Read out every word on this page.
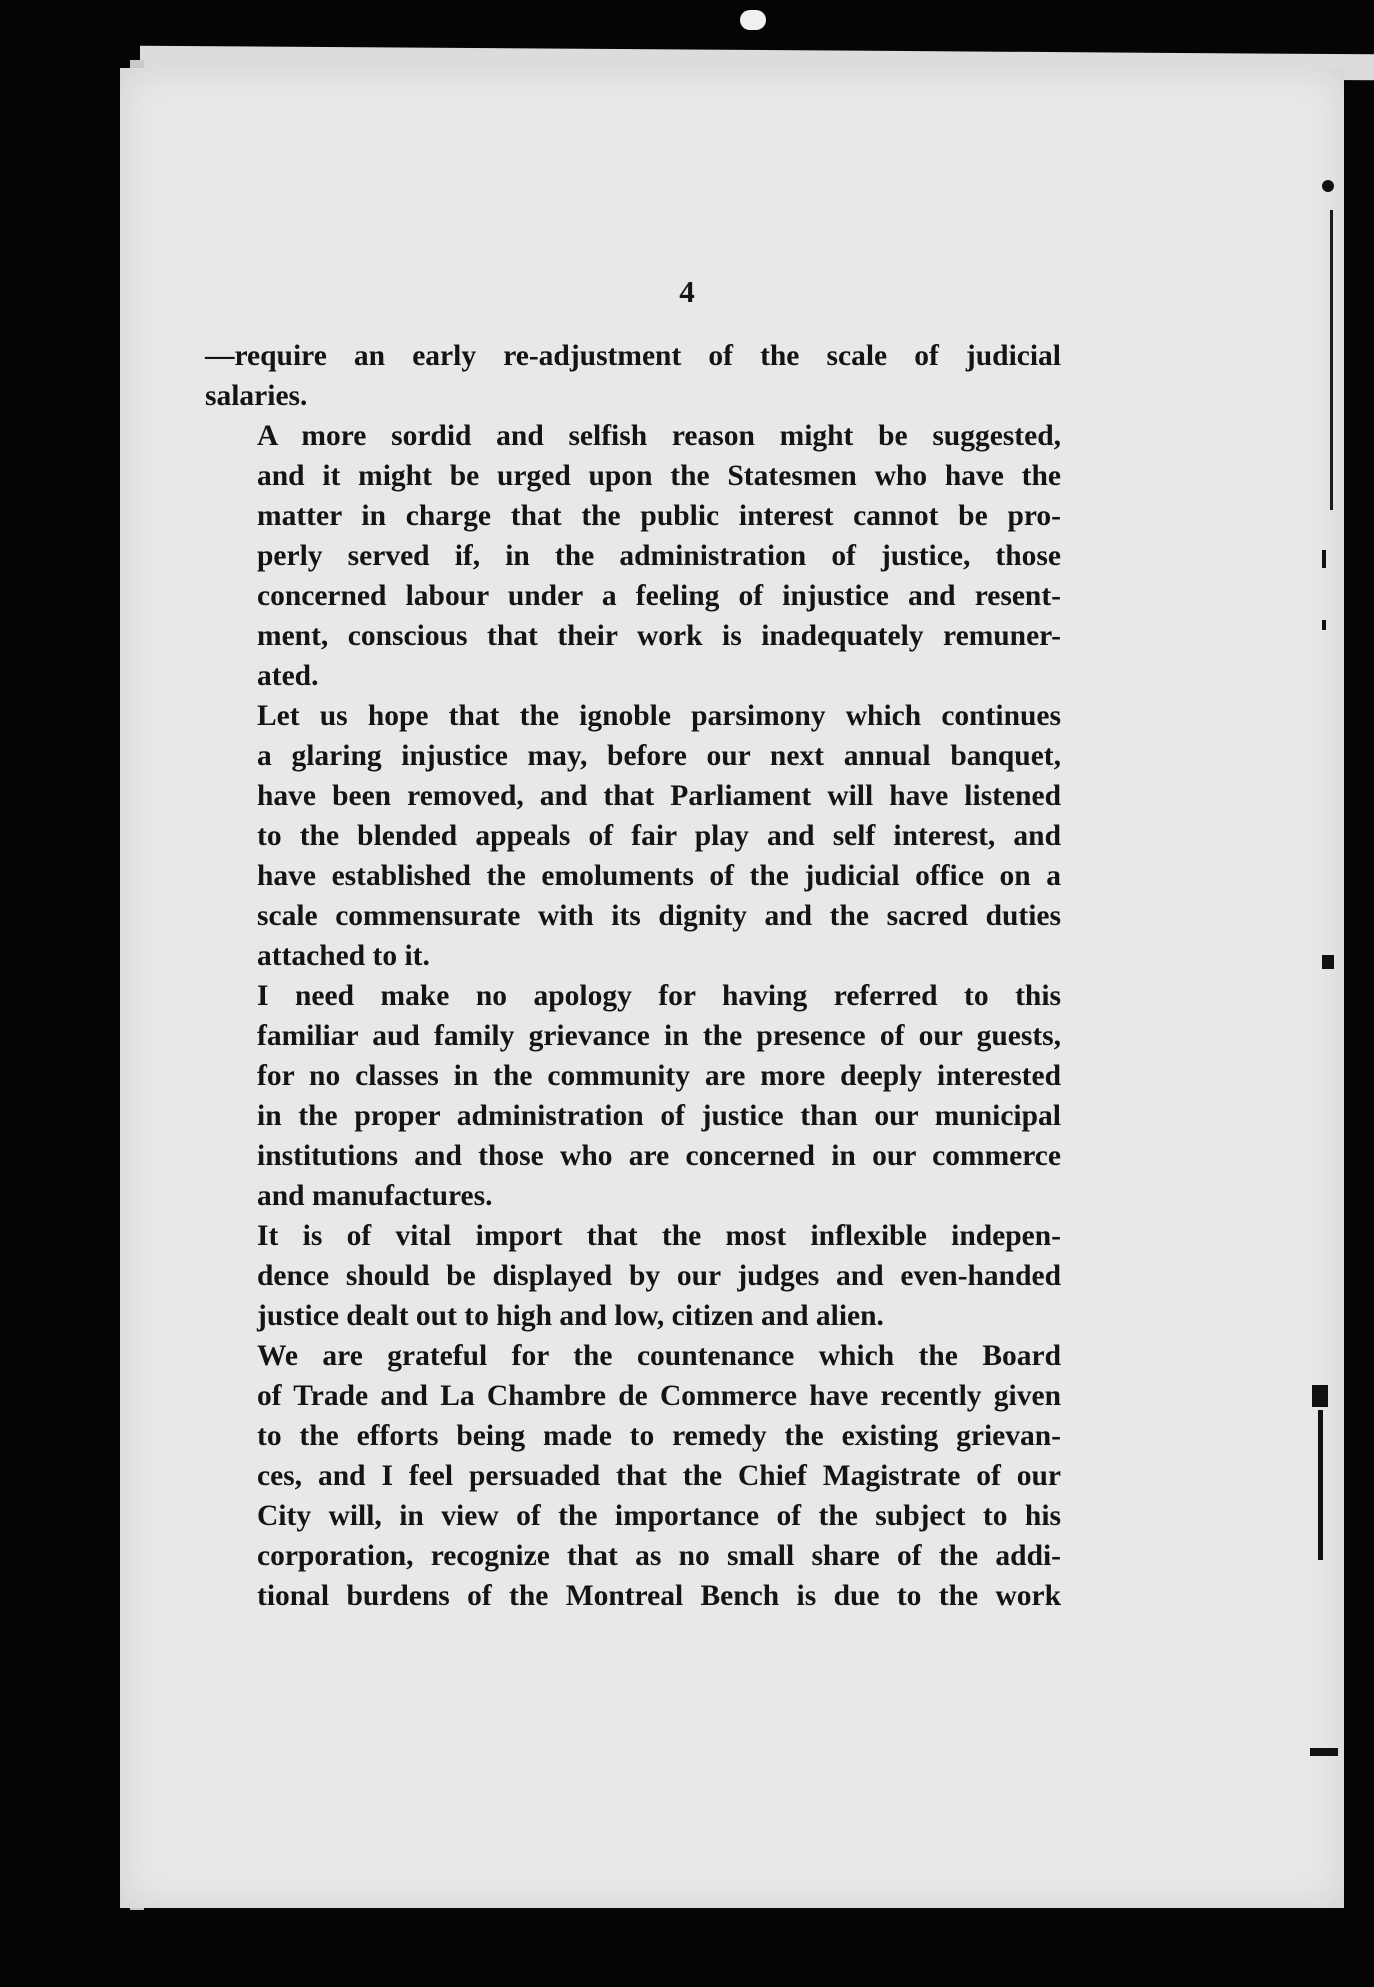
4

—require an early re-adjustment of the scale of judicial
salaries.

A more sordid and selfish reason might be suggested,
and it might be urged upon the Statesmen who have the
matter in charge that the public interest cannot be pro-
perly served if, in the administration of justice, those
concerned labour under a feeling of injustice and resent-
ment, conscious that their work is inadequately remuner-
ated.

Let us hope that the ignoble parsimony which continues
a glaring injustice may, before our next annual banquet,
have been removed, and that Parliament will have listened
to the blended appeals of fair play and self interest, and
have established the emoluments of the judicial office on a
scale commensurate with its dignity and the sacred duties
attached to it.

I need make no apology for having referred to this
familiar aud family grievance in the presence of our guests,
for no classes in the community are more deeply interested
in the proper administration of justice than our municipal
institutions and those who are concerned in our commerce
and manufactures.

It is of vital import that the most inflexible indepen-
dence should be displayed by our judges and even-handed
justice dealt out to high and low, citizen and alien.

We are grateful for the countenance which the Board
of Trade and La Chambre de Commerce have recently given
to the efforts being made to remedy the existing grievan-
ces, and I feel persuaded that the Chief Magistrate of our
City will, in view of the importance of the subject to his
corporation, recognize that as no small share of the addi-
tional burdens of the Montreal Bench is due to the work
